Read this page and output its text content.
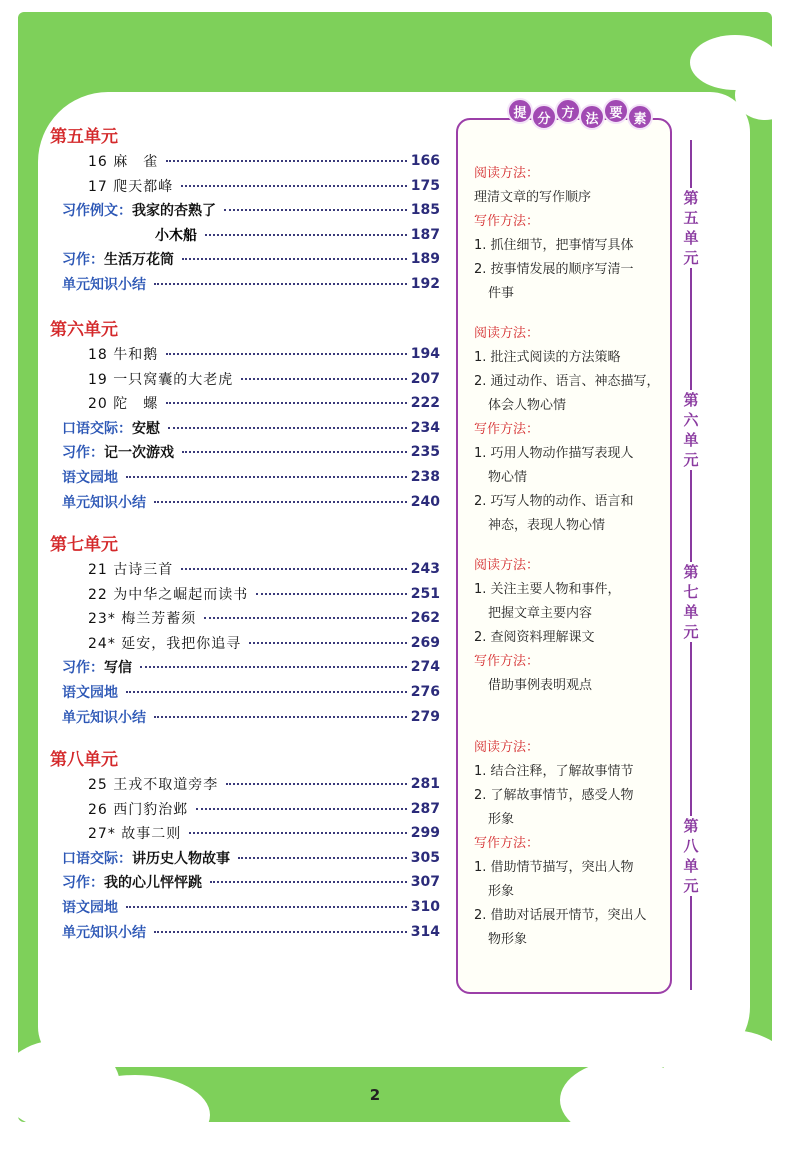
第五单元
16 麻　雀	166
17 爬天都峰	175
习作例文：我家的杏熟了	185
小木船	187
习作：生活万花筒	189
单元知识小结	192
第六单元
18 牛和鹅	194
19 一只窝囊的大老虎	207
20 陀　螺	222
口语交际：安慰	234
习作：记一次游戏	235
语文园地	238
单元知识小结	240
第七单元
21 古诗三首	243
22 为中华之崛起而读书	251
23* 梅兰芳蓄须	262
24* 延安，我把你追寻	269
习作：写信	274
语文园地	276
单元知识小结	279
第八单元
25 王戎不取道旁李	281
26 西门豹治邺	287
27* 故事二则	299
口语交际：讲历史人物故事	305
习作：我的心儿怦怦跳	307
语文园地	310
单元知识小结	314
提 分 方 法 要 素
阅读方法：
理清文章的写作顺序
写作方法：
1. 抓住细节，把事情写具体
2. 按事情发展的顺序写清一
件事
阅读方法：
1. 批注式阅读的方法策略
2. 通过动作、语言、神态描写，
体会人物心情
写作方法：
1. 巧用人物动作描写表现人
物心情
2. 巧写人物的动作、语言和
神态，表现人物心情
阅读方法：
1. 关注主要人物和事件，
把握文章主要内容
2. 查阅资料理解课文
写作方法：
借助事例表明观点
阅读方法：
1. 结合注释，了解故事情节
2. 了解故事情节，感受人物
形象
写作方法：
1. 借助情节描写，突出人物
形象
2. 借助对话展开情节，突出人
物形象
第
五
单
元
第
六
单
元
第
七
单
元
第
八
单
元
2
